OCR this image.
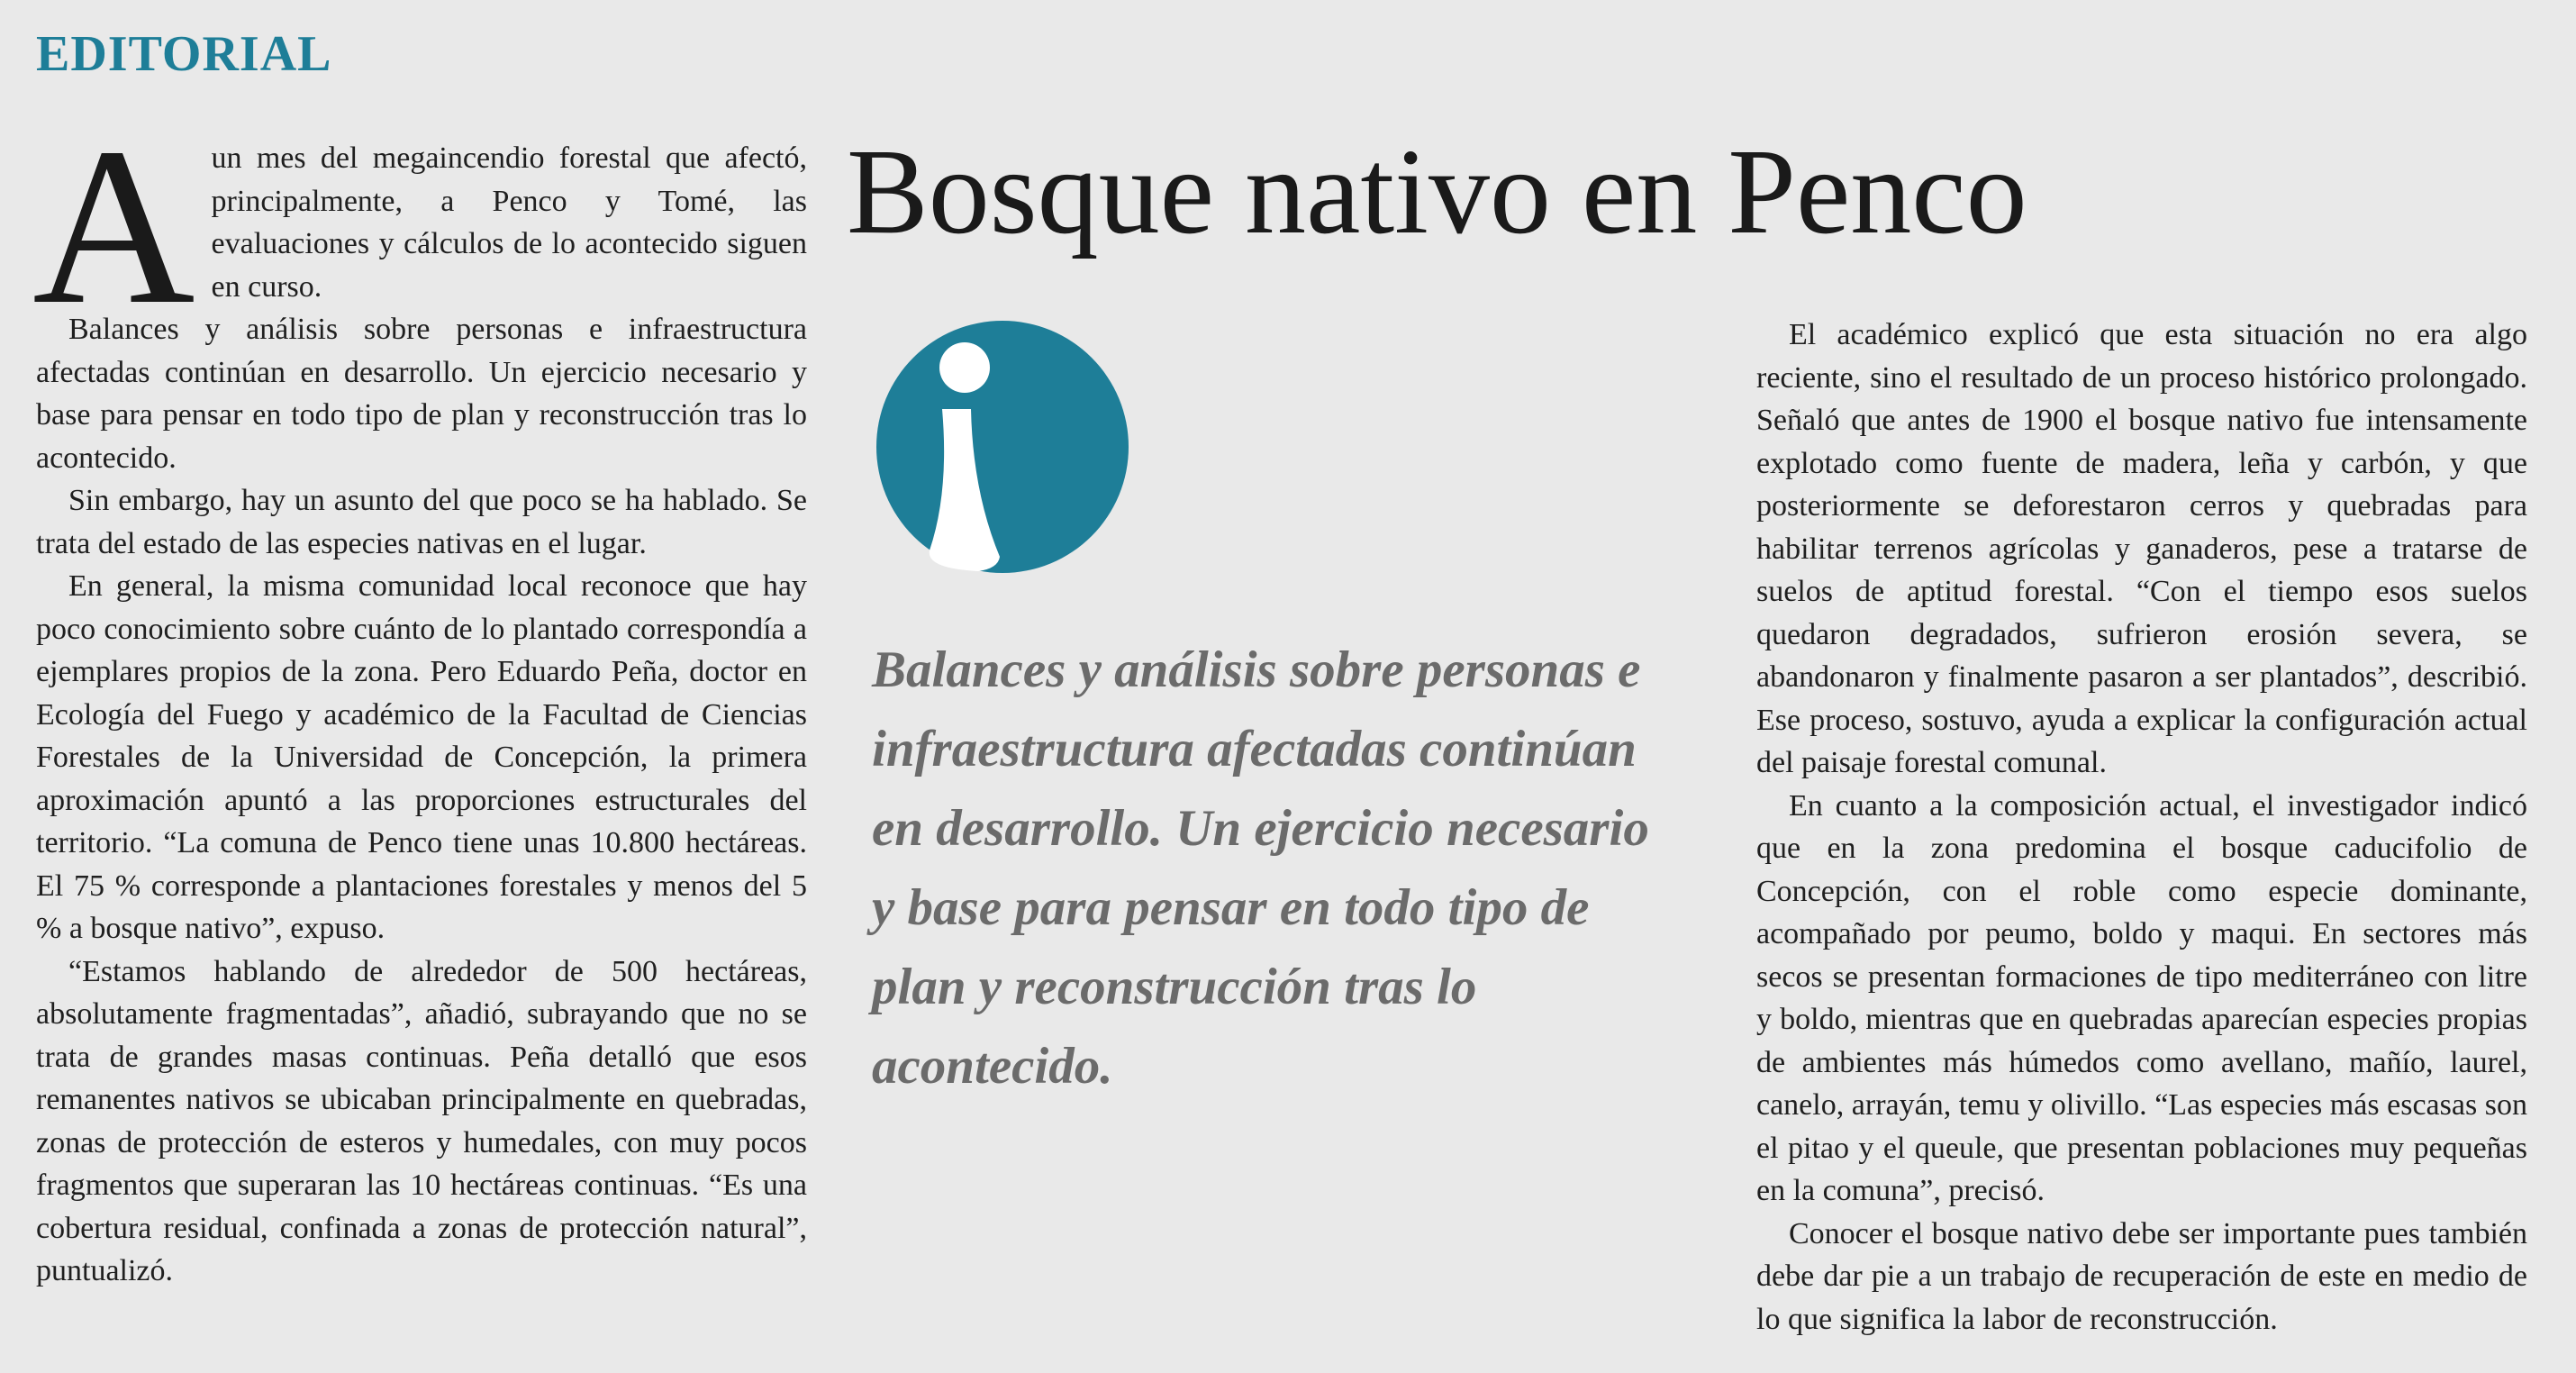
EDITORIAL

Aun mes del megaincendio forestal que afectó, principalmente, a Penco y Tomé, las evaluaciones y cálculos de lo acontecido siguen en curso.

Balances y análisis sobre personas e infraestructura afectadas continúan en desarrollo. Un ejercicio necesario y base para pensar en todo tipo de plan y reconstrucción tras lo acontecido.

Sin embargo, hay un asunto del que poco se ha hablado. Se trata del estado de las especies nativas en el lugar.

En general, la misma comunidad local reconoce que hay poco conocimiento sobre cuánto de lo plantado correspondía a ejemplares propios de la zona. Pero Eduardo Peña, doctor en Ecología del Fuego y académico de la Facultad de Ciencias Forestales de la Universidad de Concepción, la primera aproximación apuntó a las proporciones estructurales del territorio. “La comuna de Penco tiene unas 10.800 hectáreas. El 75 % corresponde a plantaciones forestales y menos del 5 % a bosque nativo”, expuso.

“Estamos hablando de alrededor de 500 hectáreas, absolutamente fragmentadas”, añadió, subrayando que no se trata de grandes masas continuas. Peña detalló que esos remanentes nativos se ubicaban principalmente en quebradas, zonas de protección de esteros y humedales, con muy pocos fragmentos que superaran las 10 hectáreas continuas. “Es una cobertura residual, confinada a zonas de protección natural”, puntualizó.

Bosque nativo en Penco

Balances y análisis sobre personas e infraestructura afectadas continúan en desarrollo. Un ejercicio necesario y base para pensar en todo tipo de plan y reconstrucción tras lo acontecido.

El académico explicó que esta situación no era algo reciente, sino el resultado de un proceso histórico prolongado. Señaló que antes de 1900 el bosque nativo fue intensamente explotado como fuente de madera, leña y carbón, y que posteriormente se deforestaron cerros y quebradas para habilitar terrenos agrícolas y ganaderos, pese a tratarse de suelos de aptitud forestal. “Con el tiempo esos suelos quedaron degradados, sufrieron erosión severa, se abandonaron y finalmente pasaron a ser plantados”, describió. Ese proceso, sostuvo, ayuda a explicar la configuración actual del paisaje forestal comunal.

En cuanto a la composición actual, el investigador indicó que en la zona predomina el bosque caducifolio de Concepción, con el roble como especie dominante, acompañado por peumo, boldo y maqui. En sectores más secos se presentan formaciones de tipo mediterráneo con litre y boldo, mientras que en quebradas aparecían especies propias de ambientes más húmedos como avellano, mañío, laurel, canelo, arrayán, temu y olivillo. “Las especies más escasas son el pitao y el queule, que presentan poblaciones muy pequeñas en la comuna”, precisó.

Conocer el bosque nativo debe ser importante pues también debe dar pie a un trabajo de recuperación de este en medio de lo que significa la labor de reconstrucción.
